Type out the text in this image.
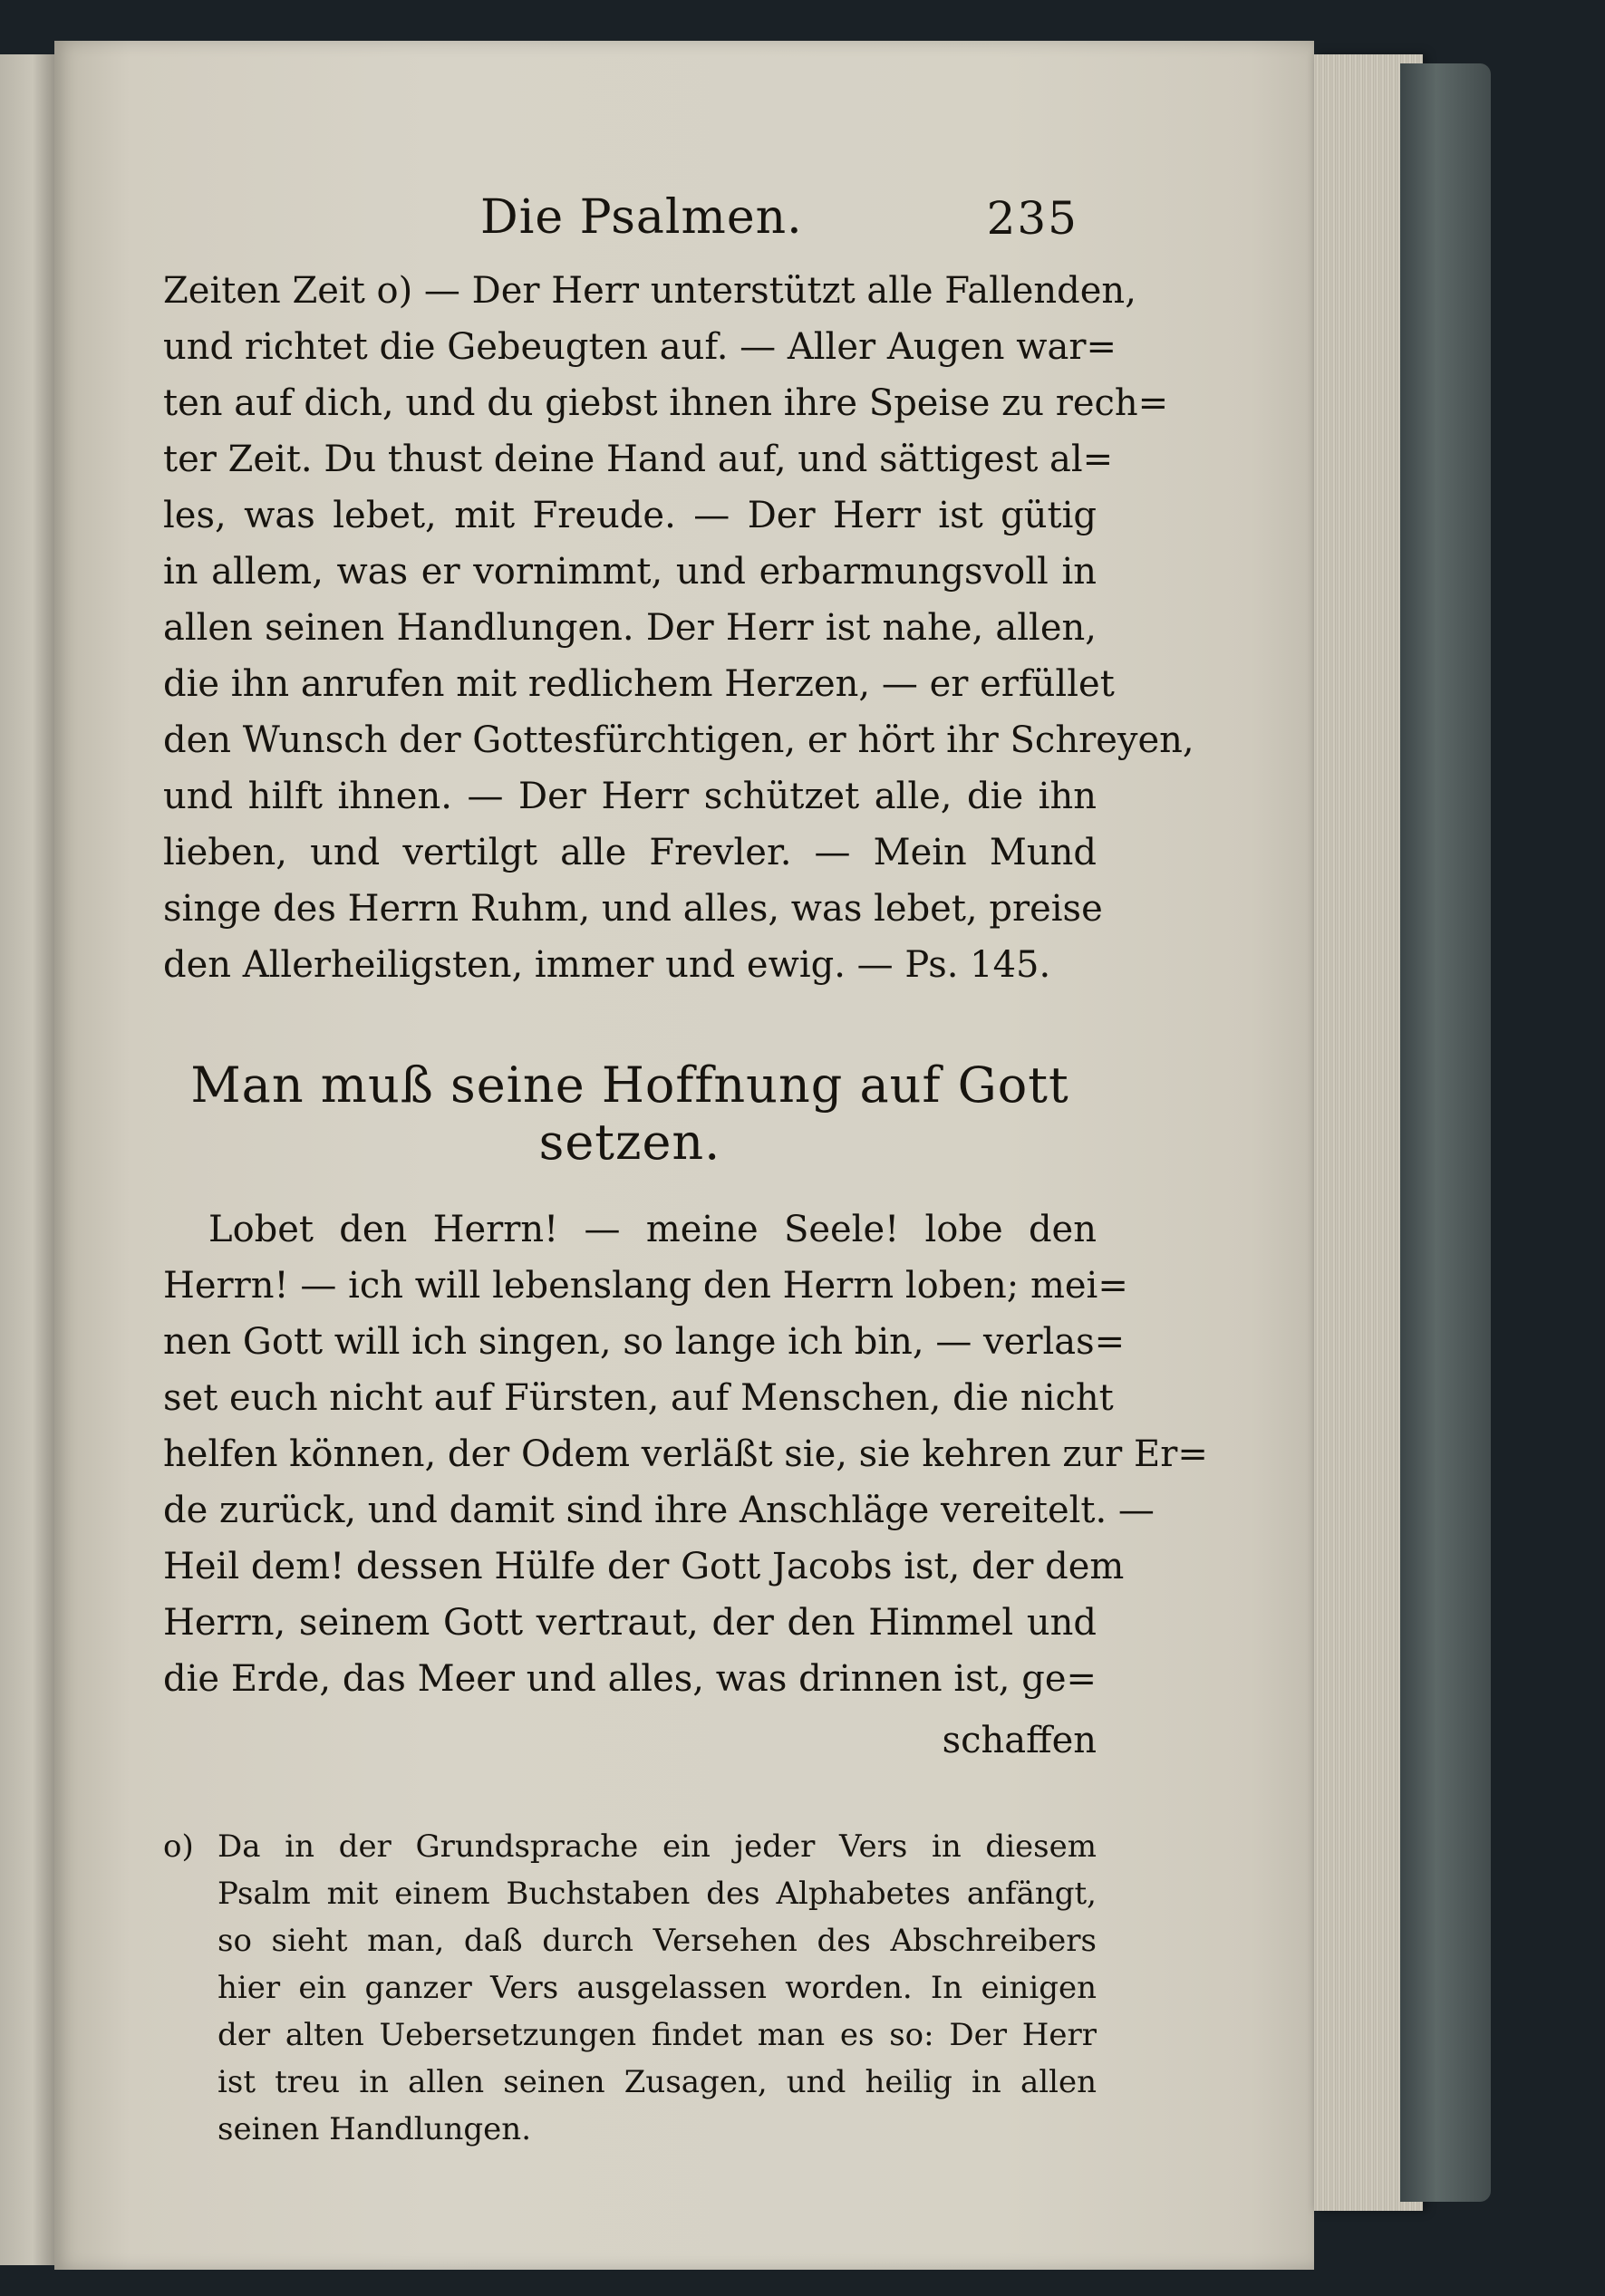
Die Psalmen.	235

Zeiten Zeit o) — Der Herr unterstützt alle Fallenden,
und richtet die Gebeugten auf. — Aller Augen war=
ten auf dich, und du giebst ihnen ihre Speise zu rech=
ter Zeit. Du thust deine Hand auf, und sättigest al=
les, was lebet, mit Freude. — Der Herr ist gütig
in allem, was er vornimmt, und erbarmungsvoll in
allen seinen Handlungen. Der Herr ist nahe, allen,
die ihn anrufen mit redlichem Herzen, — er erfüllet
den Wunsch der Gottesfürchtigen, er hört ihr Schreyen,
und hilft ihnen. — Der Herr schützet alle, die ihn
lieben, und vertilgt alle Frevler. — Mein Mund
singe des Herrn Ruhm, und alles, was lebet, preise
den Allerheiligsten, immer und ewig. — Ps. 145.

Man muß seine Hoffnung auf Gott setzen.

Lobet den Herrn! — meine Seele! lobe den
Herrn! — ich will lebenslang den Herrn loben; mei=
nen Gott will ich singen, so lange ich bin, — verlas=
set euch nicht auf Fürsten, auf Menschen, die nicht
helfen können, der Odem verläßt sie, sie kehren zur Er=
de zurück, und damit sind ihre Anschläge vereitelt. —
Heil dem! dessen Hülfe der Gott Jacobs ist, der dem
Herrn, seinem Gott vertraut, der den Himmel und
die Erde, das Meer und alles, was drinnen ist, ge=

schaffen
o) Da in der Grundsprache ein jeder Vers in diesem
Psalm mit einem Buchstaben des Alphabetes anfängt,
so sieht man, daß durch Versehen des Abschreibers
hier ein ganzer Vers ausgelassen worden. In einigen
der alten Uebersetzungen findet man es so: Der Herr
ist treu in allen seinen Zusagen, und heilig in allen
seinen Handlungen.
